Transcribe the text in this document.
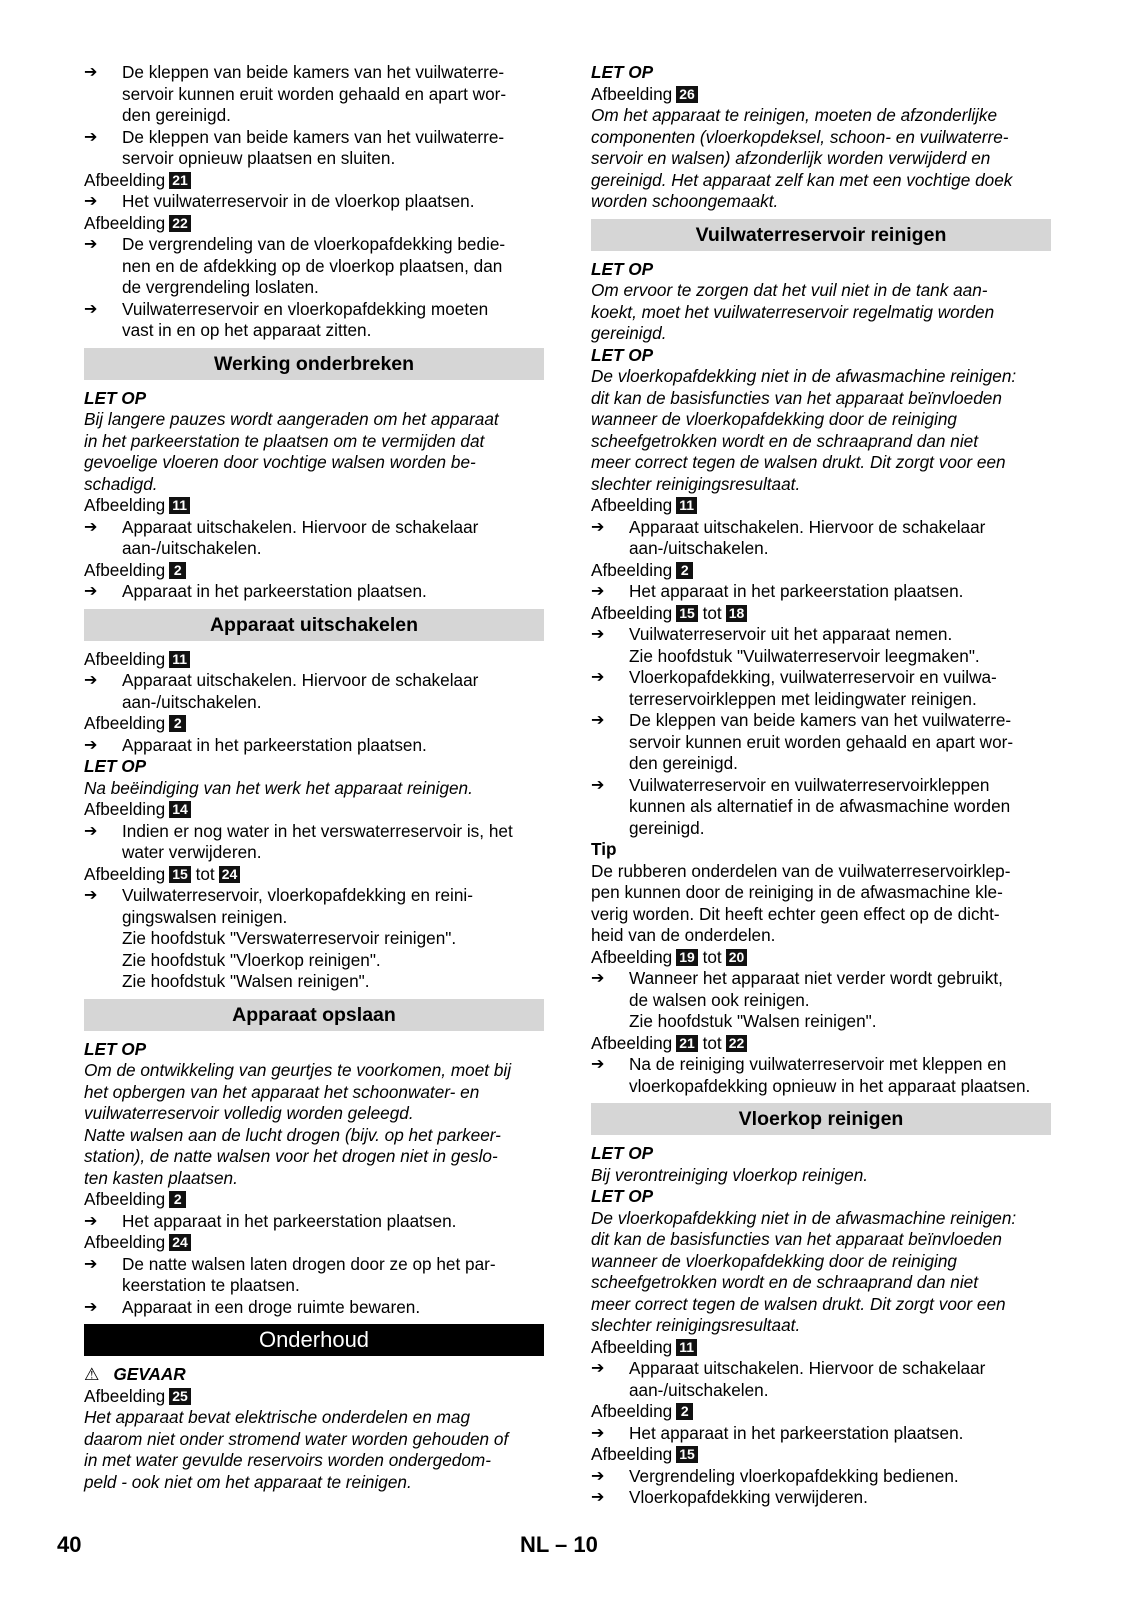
➔	De kleppen van beide kamers van het vuilwaterre-
servoir kunnen eruit worden gehaald en apart wor-
den gereinigd.
➔	De kleppen van beide kamers van het vuilwaterre-
servoir opnieuw plaatsen en sluiten.
Afbeelding 21
➔	Het vuilwaterreservoir in de vloerkop plaatsen.
Afbeelding 22
➔	De vergrendeling van de vloerkopafdekking bedie-
nen en de afdekking op de vloerkop plaatsen, dan
de vergrendeling loslaten.
➔	Vuilwaterreservoir en vloerkopafdekking moeten
vast in en op het apparaat zitten.
Werking onderbreken
LET OP
Bij langere pauzes wordt aangeraden om het apparaat
in het parkeerstation te plaatsen om te vermijden dat
gevoelige vloeren door vochtige walsen worden be-
schadigd.
Afbeelding 11
➔	Apparaat uitschakelen. Hiervoor de schakelaar
aan-/uitschakelen.
Afbeelding 2
➔	Apparaat in het parkeerstation plaatsen.
Apparaat uitschakelen
Afbeelding 11
➔	Apparaat uitschakelen. Hiervoor de schakelaar
aan-/uitschakelen.
Afbeelding 2
➔	Apparaat in het parkeerstation plaatsen.
LET OP
Na beëindiging van het werk het apparaat reinigen.
Afbeelding 14
➔	Indien er nog water in het verswaterreservoir is, het
water verwijderen.
Afbeelding 15 tot 24
➔	Vuilwaterreservoir, vloerkopafdekking en reini-
gingswalsen reinigen.
Zie hoofdstuk "Verswaterreservoir reinigen".
Zie hoofdstuk "Vloerkop reinigen".
Zie hoofdstuk "Walsen reinigen".
Apparaat opslaan
LET OP
Om de ontwikkeling van geurtjes te voorkomen, moet bij
het opbergen van het apparaat het schoonwater- en
vuilwaterreservoir volledig worden geleegd.
Natte walsen aan de lucht drogen (bijv. op het parkeer-
station), de natte walsen voor het drogen niet in geslo-
ten kasten plaatsen.
Afbeelding 2
➔	Het apparaat in het parkeerstation plaatsen.
Afbeelding 24
➔	De natte walsen laten drogen door ze op het par-
keerstation te plaatsen.
➔	Apparaat in een droge ruimte bewaren.
Onderhoud
⚠ GEVAAR
Afbeelding 25
Het apparaat bevat elektrische onderdelen en mag
daarom niet onder stromend water worden gehouden of
in met water gevulde reservoirs worden ondergedom-
peld - ook niet om het apparaat te reinigen.
LET OP
Afbeelding 26
Om het apparaat te reinigen, moeten de afzonderlijke
componenten (vloerkopdeksel, schoon- en vuilwaterre-
servoir en walsen) afzonderlijk worden verwijderd en
gereinigd. Het apparaat zelf kan met een vochtige doek
worden schoongemaakt.
Vuilwaterreservoir reinigen
LET OP
Om ervoor te zorgen dat het vuil niet in de tank aan-
koekt, moet het vuilwaterreservoir regelmatig worden
gereinigd.
LET OP
De vloerkopafdekking niet in de afwasmachine reinigen:
dit kan de basisfuncties van het apparaat beïnvloeden
wanneer de vloerkopafdekking door de reiniging
scheefgetrokken wordt en de schraaprand dan niet
meer correct tegen de walsen drukt. Dit zorgt voor een
slechter reinigingsresultaat.
Afbeelding 11
➔	Apparaat uitschakelen. Hiervoor de schakelaar
aan-/uitschakelen.
Afbeelding 2
➔	Het apparaat in het parkeerstation plaatsen.
Afbeelding 15 tot 18
➔	Vuilwaterreservoir uit het apparaat nemen.
Zie hoofdstuk "Vuilwaterreservoir leegmaken".
➔	Vloerkopafdekking, vuilwaterreservoir en vuilwa-
terreservoirkleppen met leidingwater reinigen.
➔	De kleppen van beide kamers van het vuilwaterre-
servoir kunnen eruit worden gehaald en apart wor-
den gereinigd.
➔	Vuilwaterreservoir en vuilwaterreservoirkleppen
kunnen als alternatief in de afwasmachine worden
gereinigd.
Tip
De rubberen onderdelen van de vuilwaterreservoirklep-
pen kunnen door de reiniging in de afwasmachine kle-
verig worden. Dit heeft echter geen effect op de dicht-
heid van de onderdelen.
Afbeelding 19 tot 20
➔	Wanneer het apparaat niet verder wordt gebruikt,
de walsen ook reinigen.
Zie hoofdstuk "Walsen reinigen".
Afbeelding 21 tot 22
➔	Na de reiniging vuilwaterreservoir met kleppen en
vloerkopafdekking opnieuw in het apparaat plaatsen.
Vloerkop reinigen
LET OP
Bij verontreiniging vloerkop reinigen.
LET OP
De vloerkopafdekking niet in de afwasmachine reinigen:
dit kan de basisfuncties van het apparaat beïnvloeden
wanneer de vloerkopafdekking door de reiniging
scheefgetrokken wordt en de schraaprand dan niet
meer correct tegen de walsen drukt. Dit zorgt voor een
slechter reinigingsresultaat.
Afbeelding 11
➔	Apparaat uitschakelen. Hiervoor de schakelaar
aan-/uitschakelen.
Afbeelding 2
➔	Het apparaat in het parkeerstation plaatsen.
Afbeelding 15
➔	Vergrendeling vloerkopafdekking bedienen.
➔	Vloerkopafdekking verwijderen.
40	NL – 10
